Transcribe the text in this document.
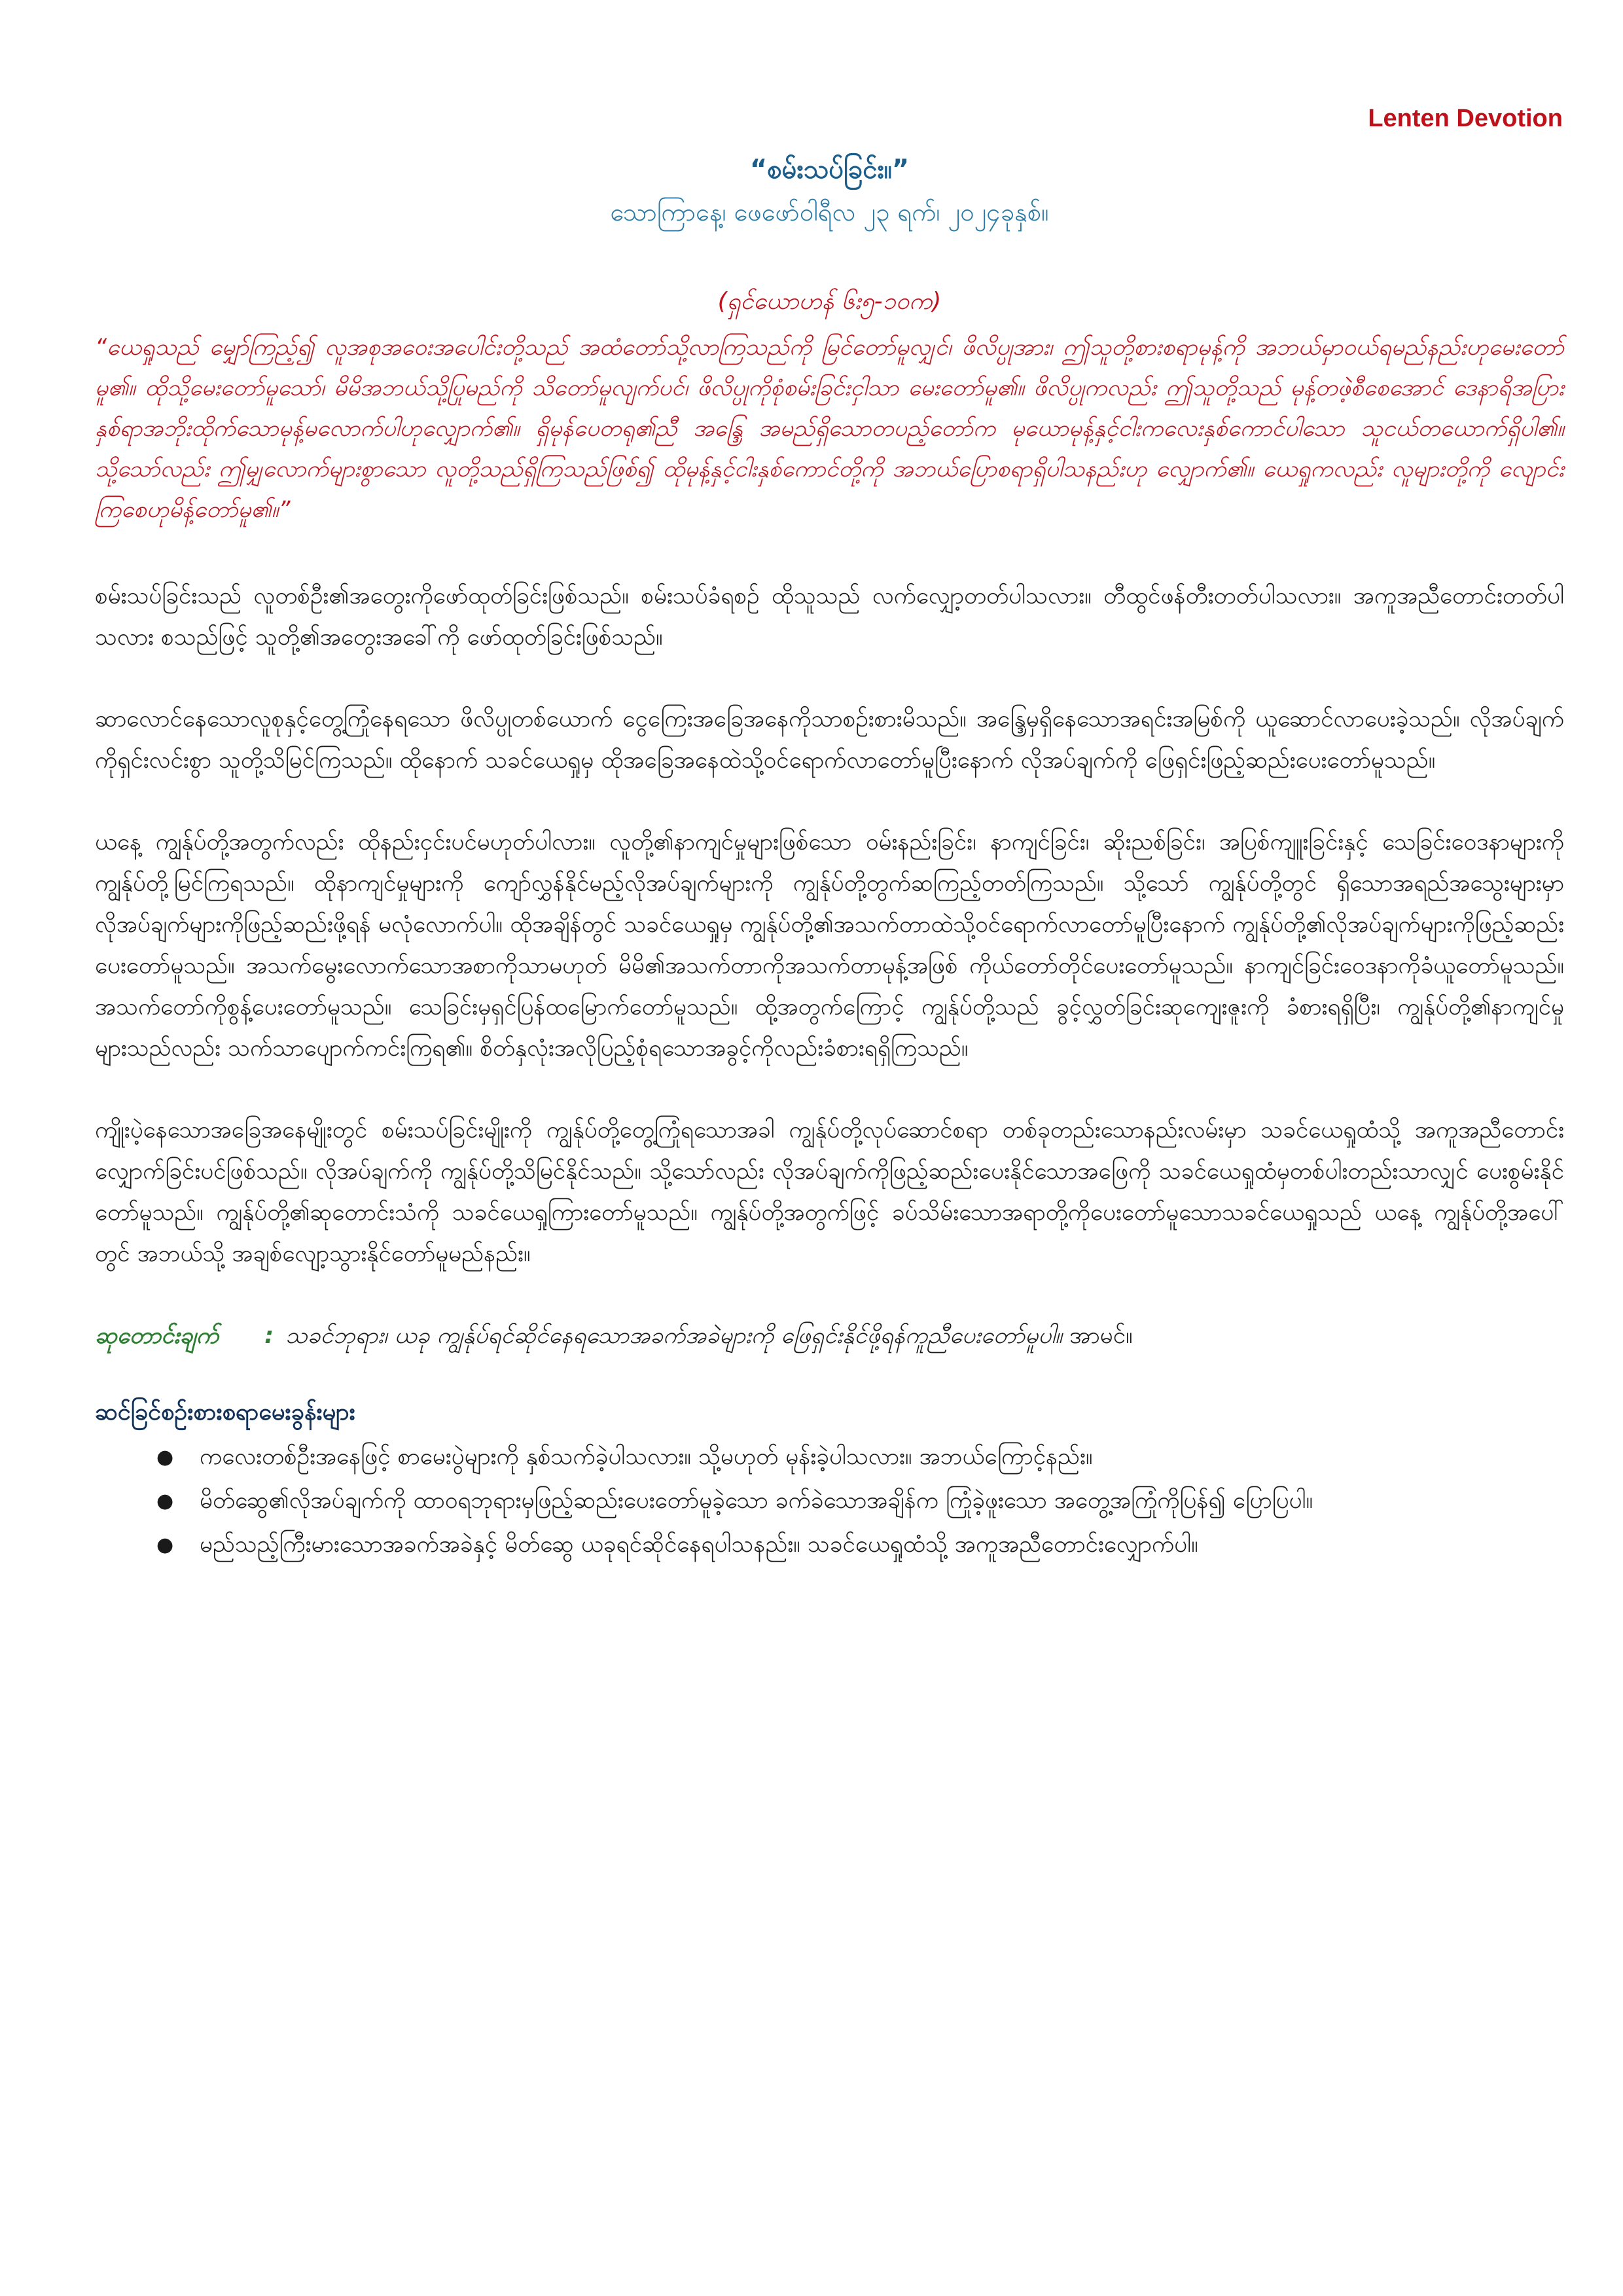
Lenten Devotion
“စမ်းသပ်ခြင်း။”
သောကြာနေ့၊ ဖေဖော်ဝါရီလ ၂၃ ရက်၊ ၂၀၂၄ခုနှစ်။
(ရှင်ယောဟန် ၆း၅-၁၀က)
“ယေရှုသည် မျှော်ကြည့်၍ လူအစုအဝေးအပေါင်းတို့သည် အထံတော်သို့လာကြသည်ကို မြင်တော်မူလျှင်၊ ဖိလိပ္ပုအား၊ ဤသူတို့စားစရာမုန့်ကို အဘယ်မှာဝယ်ရမည်နည်းဟုမေးတော်မူ၏။ ထိုသို့မေးတော်မူသော်၊ မိမိအဘယ်သို့ပြုမည်ကို သိတော်မူလျက်ပင်၊ ဖိလိပ္ပုကိုစုံစမ်းခြင်းငှါသာ မေးတော်မူ၏။ ဖိလိပ္ပုကလည်း ဤသူတို့သည် မုန့်တဖဲ့စီစေအောင် ဒေနာရိအပြားနှစ်ရာအဘိုးထိုက်သောမုန့်မလောက်ပါဟုလျှောက်၏။ ရှိမုန်ပေတရု၏ညီ အန္ဒြေ အမည်ရှိသောတပည့်တော်က မုယောမုန့်နှင့်ငါးကလေးနှစ်ကောင်ပါသော သူငယ်တယောက်ရှိပါ၏။ သို့သော်လည်း ဤမျှလောက်များစွာသော လူတို့သည်ရှိကြသည်ဖြစ်၍ ထိုမုန့်နှင့်ငါးနှစ်ကောင်တို့ကို အဘယ်ပြောစရာရှိပါသနည်းဟု လျှောက်၏။ ယေရှုကလည်း လူများတို့ကို လျောင်းကြစေဟုမိန့်တော်မူ၏။”
စမ်းသပ်ခြင်းသည် လူတစ်ဦး၏အတွေးကိုဖော်ထုတ်ခြင်းဖြစ်သည်။ စမ်းသပ်ခံရစဉ် ထိုသူသည် လက်လျှော့တတ်ပါသလား။ တီထွင်ဖန်တီးတတ်ပါသလား။ အကူအညီတောင်းတတ်ပါသလား စသည်ဖြင့် သူတို့၏အတွေးအခေါ်ကို ဖော်ထုတ်ခြင်းဖြစ်သည်။
ဆာလောင်နေသောလူစုနှင့်တွေ့ကြုံနေရသော ဖိလိပ္ပုတစ်ယောက် ငွေကြေးအခြေအနေကိုသာစဉ်းစားမိသည်။ အန္ဒြေမှရှိနေသောအရင်းအမြစ်ကို ယူဆောင်လာပေးခဲ့သည်။ လိုအပ်ချက်ကိုရှင်းလင်းစွာ သူတို့သိမြင်ကြသည်။ ထိုနောက် သခင်ယေရှုမှ ထိုအခြေအနေထဲသို့ဝင်ရောက်လာတော်မူပြီးနောက် လိုအပ်ချက်ကို ဖြေရှင်းဖြည့်ဆည်းပေးတော်မူသည်။
ယနေ့ ကျွန်ုပ်တို့အတွက်လည်း ထိုနည်းငှင်းပင်မဟုတ်ပါလား။ လူတို့၏နာကျင်မှုများဖြစ်သော ဝမ်းနည်းခြင်း၊ နာကျင်ခြင်း၊ ဆိုးညစ်ခြင်း၊ အပြစ်ကျူးခြင်းနှင့် သေခြင်းဝေဒနာများကို ကျွန်ုပ်တို့မြင်ကြရသည်။ ထိုနာကျင်မှုများကို ကျော်လွှန်နိုင်မည့်လိုအပ်ချက်များကို ကျွန်ုပ်တို့တွက်ဆကြည့်တတ်ကြသည်။ သို့သော် ကျွန်ုပ်တို့တွင် ရှိသောအရည်အသွေးများမှာ လိုအပ်ချက်များကိုဖြည့်ဆည်းဖို့ရန် မလုံလောက်ပါ။ ထိုအချိန်တွင် သခင်ယေရှုမှ ကျွန်ုပ်တို့၏အသက်တာထဲသို့ဝင်ရောက်လာတော်မူပြီးနောက် ကျွန်ုပ်တို့၏လိုအပ်ချက်များကိုဖြည့်ဆည်းပေးတော်မူသည်။ အသက်မွေးလောက်သောအစာကိုသာမဟုတ် မိမိ၏အသက်တာကိုအသက်တာမုန့်အဖြစ် ကိုယ်တော်တိုင်ပေးတော်မူသည်။ နာကျင်ခြင်းဝေဒနာကိုခံယူတော်မူသည်။ အသက်တော်ကိုစွန့်ပေးတော်မူသည်။ သေခြင်းမှရှင်ပြန်ထမြောက်တော်မူသည်။ ထို့အတွက်ကြောင့် ကျွန်ုပ်တို့သည် ခွင့်လွှတ်ခြင်းဆုကျေးဇူးကို ခံစားရရှိပြီး၊ ကျွန်ုပ်တို့၏နာကျင်မှုများသည်လည်း သက်သာပျောက်ကင်းကြရ၏။ စိတ်နှလုံးအလိုပြည့်စုံရသောအခွင့်ကိုလည်းခံစားရရှိကြသည်။
ကျိုးပဲ့နေသောအခြေအနေမျိုးတွင် စမ်းသပ်ခြင်းမျိုးကို ကျွန်ုပ်တို့တွေ့ကြုံရသောအခါ ကျွန်ုပ်တို့လုပ်ဆောင်စရာ တစ်ခုတည်းသောနည်းလမ်းမှာ သခင်ယေရှုထံသို့ အကူအညီတောင်းလျှောက်ခြင်းပင်ဖြစ်သည်။ လိုအပ်ချက်ကို ကျွန်ုပ်တို့သိမြင်နိုင်သည်။ သို့သော်လည်း လိုအပ်ချက်ကိုဖြည့်ဆည်းပေးနိုင်သောအဖြေကို သခင်ယေရှုထံမှတစ်ပါးတည်းသာလျှင် ပေးစွမ်းနိုင်တော်မူသည်။ ကျွန်ုပ်တို့၏ဆုတောင်းသံကို သခင်ယေရှုကြားတော်မူသည်။ ကျွန်ုပ်တို့အတွက်ဖြင့် ခပ်သိမ်းသောအရာတို့ကိုပေးတော်မူသောသခင်ယေရှုသည် ယနေ့ ကျွန်ုပ်တို့အပေါ်တွင် အဘယ်သို့ အချစ်လျော့သွားနိုင်တော်မူမည်နည်း။
ဆုတောင်းချက် : သခင်ဘုရား၊ ယခု ကျွန်ုပ်ရင်ဆိုင်နေရသောအခက်အခဲများကို ဖြေရှင်းနိုင်ဖို့ရန်ကူညီပေးတော်မူပါ။ အာမင်။
ဆင်ခြင်စဉ်းစားစရာမေးခွန်းများ
● ကလေးတစ်ဦးအနေဖြင့် စာမေးပွဲများကို နှစ်သက်ခဲ့ပါသလား။ သို့မဟုတ် မုန်းခဲ့ပါသလား။ အဘယ်ကြောင့်နည်း။
● မိတ်ဆွေ၏လိုအပ်ချက်ကို ထာဝရဘုရားမှဖြည့်ဆည်းပေးတော်မူခဲ့သော ခက်ခဲသောအချိန်က ကြုံခဲ့ဖူးသော အတွေ့အကြုံကိုပြန်၍ ပြောပြပါ။
● မည်သည့်ကြီးမားသောအခက်အခဲနှင့် မိတ်ဆွေ ယခုရင်ဆိုင်နေရပါသနည်း။ သခင်ယေရှုထံသို့ အကူအညီတောင်းလျှောက်ပါ။
